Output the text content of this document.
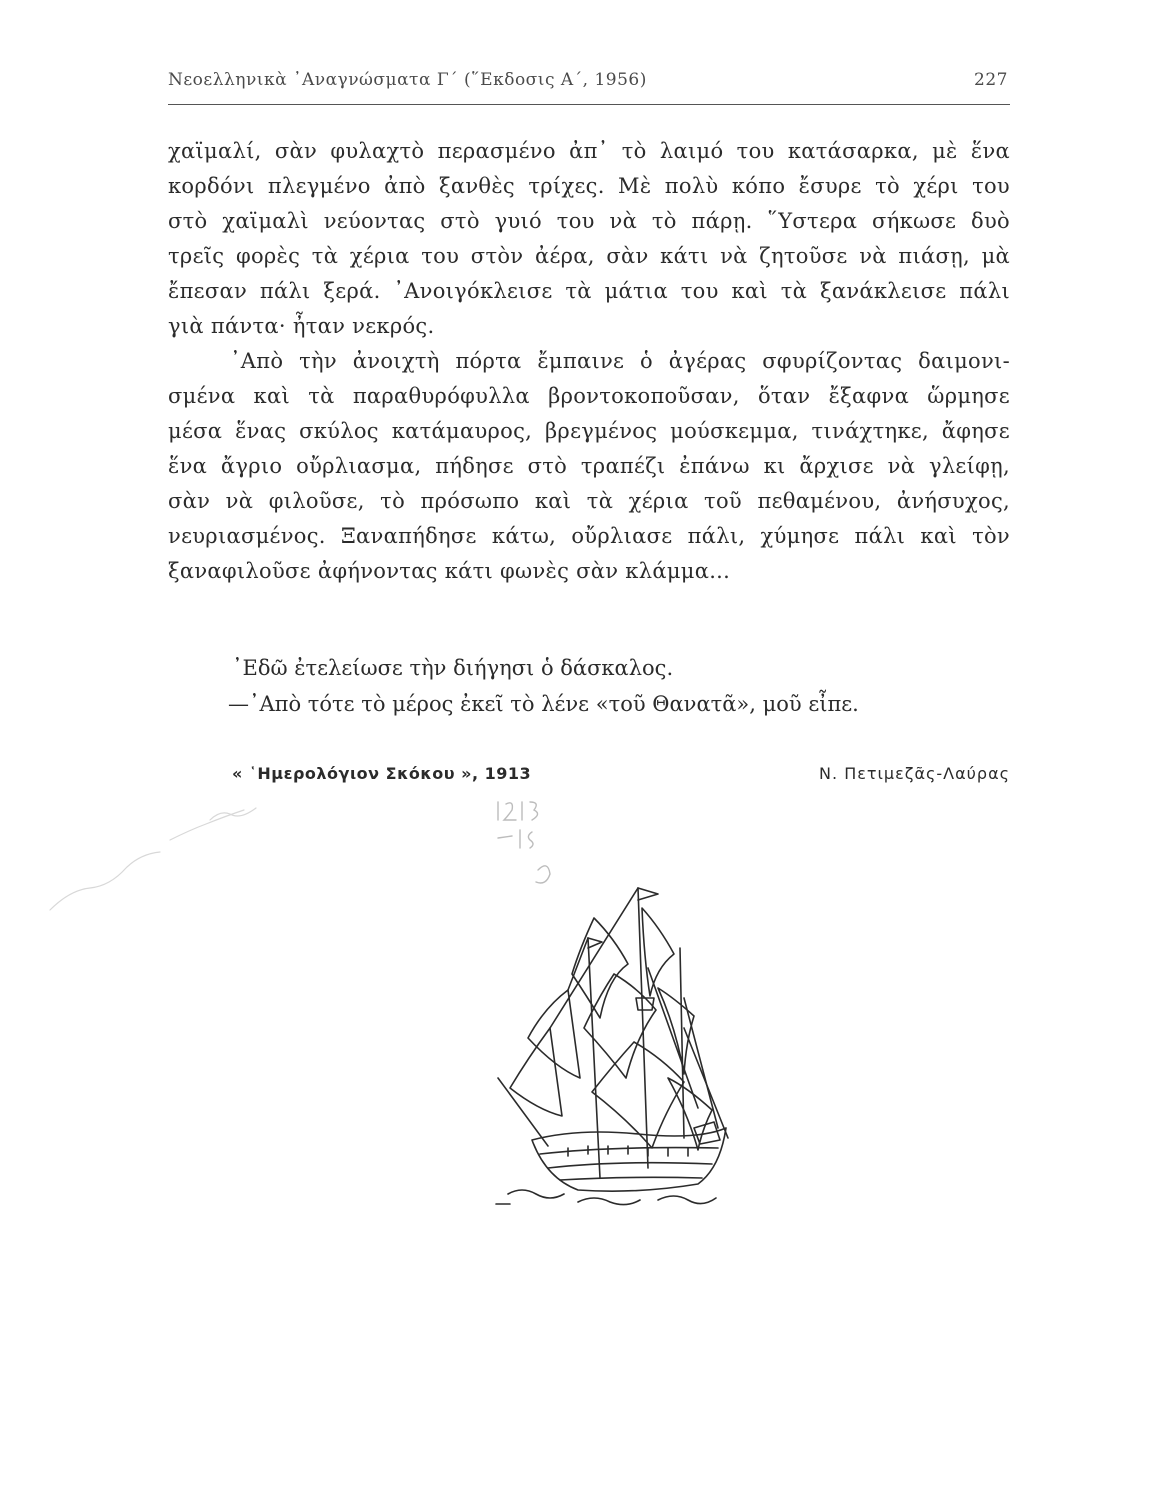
Νεοελληνικὰ ᾿Αναγνώσματα Γ΄ (῞Εκδοσις Α΄, 1956)	227
χαϊμαλί, σὰν φυλαχτὸ περασμένο ἀπ᾿ τὸ λαιμό του κατάσαρκα, μὲ ἕνα
κορδόνι πλεγμένο ἀπὸ ξανθὲς τρίχες. Μὲ πολὺ κόπο ἔσυρε τὸ χέρι του
στὸ χαϊμαλὶ νεύοντας στὸ γυιό του νὰ τὸ πάρῃ. ῞Υστερα σήκωσε δυὸ
τρεῖς φορὲς τὰ χέρια του στὸν ἀέρα, σὰν κάτι νὰ ζητοῦσε νὰ πιάσῃ, μὰ
ἔπεσαν πάλι ξερά. ᾿Ανοιγόκλεισε τὰ μάτια του καὶ τὰ ξανάκλεισε πάλι
γιὰ πάντα· ἦταν νεκρός.
᾿Απὸ τὴν ἀνοιχτὴ πόρτα ἔμπαινε ὁ ἀγέρας σφυρίζοντας δαιμονι-
σμένα καὶ τὰ παραθυρόφυλλα βροντοκοποῦσαν, ὅταν ἔξαφνα ὥρμησε
μέσα ἕνας σκύλος κατάμαυρος, βρεγμένος μούσκεμμα, τινάχτηκε, ἄφησε
ἕνα ἄγριο οὔρλιασμα, πήδησε στὸ τραπέζι ἐπάνω κι ἄρχισε νὰ γλείφῃ,
σὰν νὰ φιλοῦσε, τὸ πρόσωπο καὶ τὰ χέρια τοῦ πεθαμένου, ἀνήσυχος,
νευριασμένος. Ξαναπήδησε κάτω, οὔρλιασε πάλι, χύμησε πάλι καὶ τὸν
ξαναφιλοῦσε ἀφήνοντας κάτι φωνὲς σὰν κλάμμα...
᾿Εδῶ ἐτελείωσε τὴν διήγησι ὁ δάσκαλος.
—᾿Απὸ τότε τὸ μέρος ἐκεῖ τὸ λένε «τοῦ Θανατᾶ», μοῦ εἶπε.
« ῾Ημερολόγιον Σκόκου », 1913	Ν. Πετιμεζᾶς-Λαύρας
